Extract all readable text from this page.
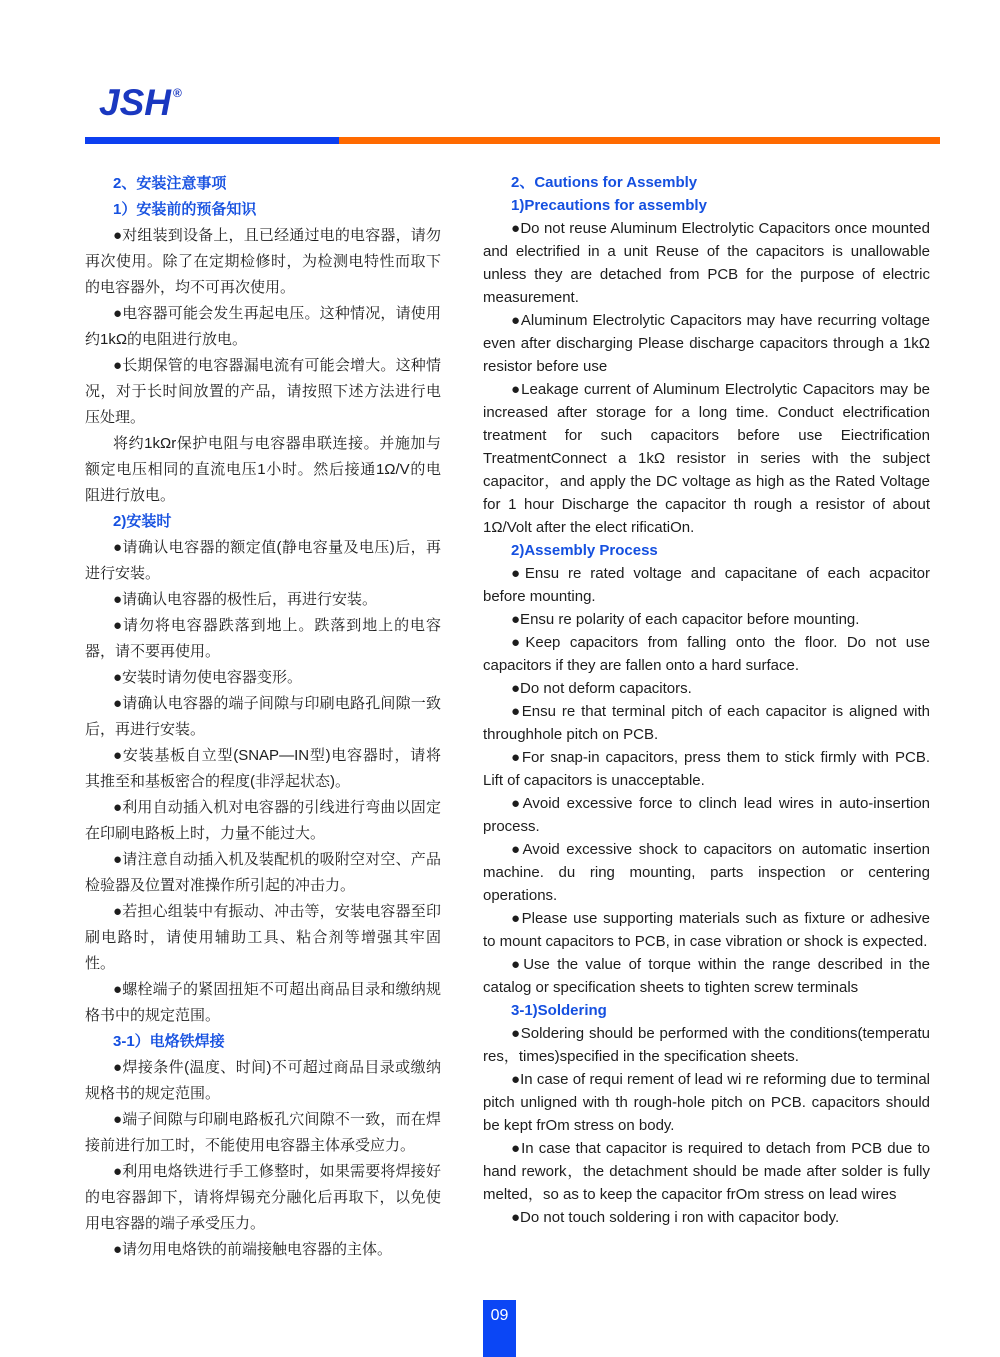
JSH ®
2、安装注意事项
1）安装前的预备知识

●对组装到设备上，且已经通过电的电容器，请勿再次使用。除了在定期检修时，为检测电特性而取下的电容器外，均不可再次使用。

●电容器可能会发生再起电压。这种情况，请使用约1kΩ的电阻进行放电。

●长期保管的电容器漏电流有可能会增大。这种情况，对于长时间放置的产品，请按照下述方法进行电压处理。

将约1kΩr保护电阻与电容器串联连接。并施加与额定电压相同的直流电压1小时。然后接通1Ω/V的电阻进行放电。

2)安装时

●请确认电容器的额定值(静电容量及电压)后，再进行安装。

●请确认电容器的极性后，再进行安装。

●请勿将电容器跌落到地上。跌落到地上的电容器，请不要再使用。

●安装时请勿使电容器变形。

●请确认电容器的端子间隙与印刷电路孔间隙一致后，再进行安装。

●安装基板自立型(SNAP—IN型)电容器时，请将其推至和基板密合的程度(非浮起状态)。

●利用自动插入机对电容器的引线进行弯曲以固定在印刷电路板上时，力量不能过大。

●请注意自动插入机及装配机的吸附空对空、产品检验器及位置对准操作所引起的冲击力。

●若担心组装中有振动、冲击等，安装电容器至印刷电路时，请使用辅助工具、粘合剂等增强其牢固性。

●螺栓端子的紧固扭矩不可超出商品目录和缴纳规格书中的规定范围。

3-1）电烙铁焊接

●焊接条件(温度、时间)不可超过商品目录或缴纳规格书的规定范围。

●端子间隙与印刷电路板孔穴间隙不一致，而在焊接前进行加工时，不能使用电容器主体承受应力。

●利用电烙铁进行手工修整时，如果需要将焊接好的电容器卸下，请将焊锡充分融化后再取下，以免使用电容器的端子承受压力。

●请勿用电烙铁的前端接触电容器的主体。

2、Cautions for Assembly
1)Precautions for assembly

●Do not reuse Aluminum Electrolytic Capacitors once mounted and electrified in a unit Reuse of the capacitors is unallowable unless they are detached from PCB for the purpose of electric measurement.

●Aluminum Electrolytic Capacitors may have recurring voltage even after discharging Please discharge capacitors through a 1kΩ resistor before use

●Leakage current of Aluminum Electrolytic Capacitors may be increased after storage for a long time. Conduct electrification treatment for such capacitors before use Eiectrification TreatmentConnect a 1kΩ resistor in series with the subject capacitor，and apply the DC voltage as high as the Rated Voltage for 1 hour Discharge the capacitor th rough a resistor of about 1Ω/Volt after the elect rificatiOn.

2)Assembly Process

●Ensu re rated voltage and capacitane of each acpacitor before mounting.

●Ensu re polarity of each capacitor before mounting.

●Keep capacitors from falling onto the floor. Do not use capacitors if they are fallen onto a hard surface.

●Do not deform capacitors.

●Ensu re that terminal pitch of each capacitor is aligned with throughhole pitch on PCB.

●For snap-in capacitors, press them to stick firmly with PCB. Lift of capacitors is unacceptable.

●Avoid excessive force to clinch lead wires in auto-insertion process.

●Avoid excessive shock to capacitors on automatic insertion machine. du ring mounting, parts inspection or centering operations.

●Please use supporting materials such as fixture or adhesive to mount capacitors to PCB, in case vibration or shock is expected.

●Use the value of torque within the range described in the catalog or specification sheets to tighten screw terminals

3-1)Soldering

●Soldering should be performed with the conditions(temperatu res，times)specified in the specification sheets.

●In case of requi rement of lead wi re reforming due to terminal pitch unligned with th rough-hole pitch on PCB. capacitors should be kept frOm stress on body.

●In case that capacitor is required to detach from PCB due to hand rework，the detachment should be made after solder is fully melted，so as to keep the capacitor frOm stress on lead wires

●Do not touch soldering i ron with capacitor body.

09
